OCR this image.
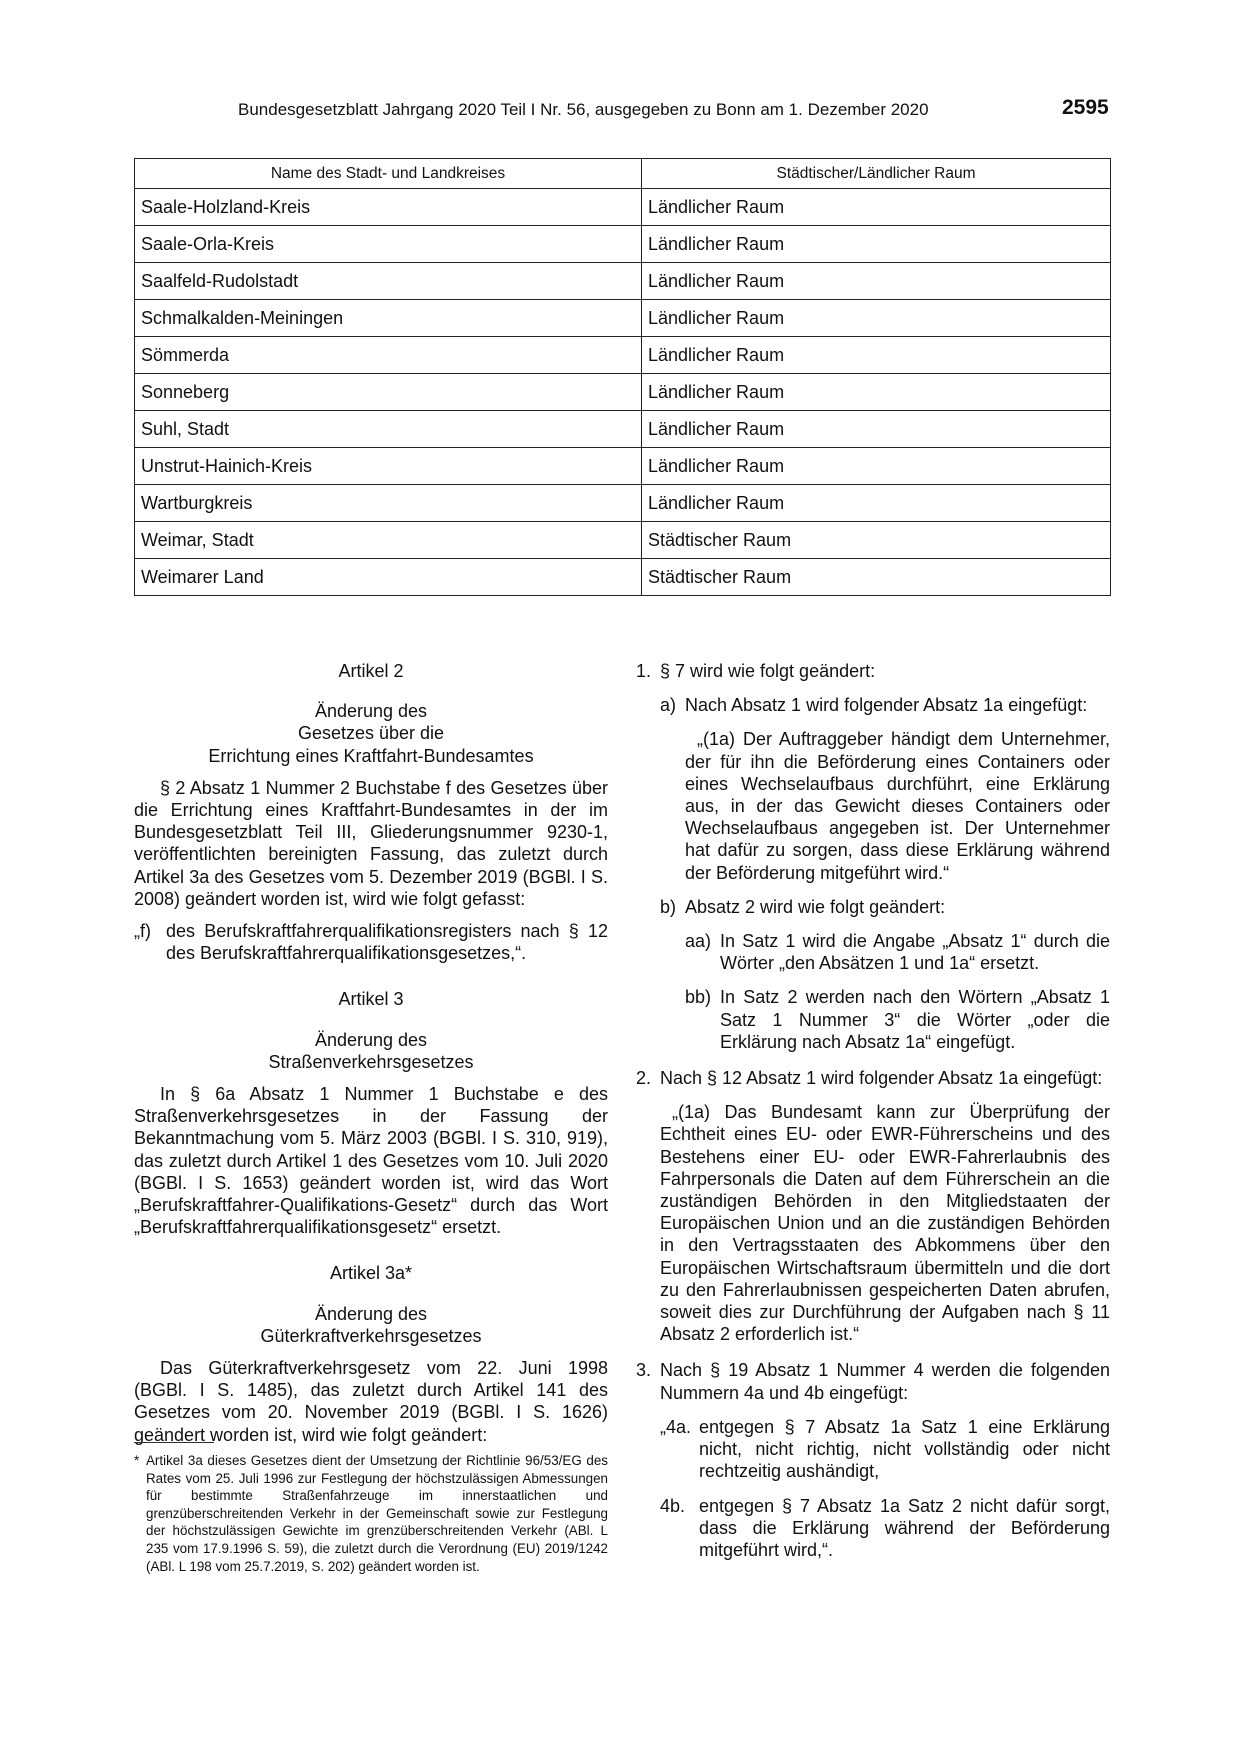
Bundesgesetzblatt Jahrgang 2020 Teil I Nr. 56, ausgegeben zu Bonn am 1. Dezember 2020	2595
Name des Stadt- und Landkreises	Städtischer/Ländlicher Raum
Saale-Holzland-Kreis	Ländlicher Raum
Saale-Orla-Kreis	Ländlicher Raum
Saalfeld-Rudolstadt	Ländlicher Raum
Schmalkalden-Meiningen	Ländlicher Raum
Sömmerda	Ländlicher Raum
Sonneberg	Ländlicher Raum
Suhl, Stadt	Ländlicher Raum
Unstrut-Hainich-Kreis	Ländlicher Raum
Wartburgkreis	Ländlicher Raum
Weimar, Stadt	Städtischer Raum
Weimarer Land	Städtischer Raum
Artikel 2
Änderung des
Gesetzes über die
Errichtung eines Kraftfahrt-Bundesamtes

§ 2 Absatz 1 Nummer 2 Buchstabe f des Gesetzes über die Errichtung eines Kraftfahrt-Bundesamtes in der im Bundesgesetzblatt Teil III, Gliederungsnummer 9230-1, veröffentlichten bereinigten Fassung, das zuletzt durch Artikel 3a des Gesetzes vom 5. Dezember 2019 (BGBl. I S. 2008) geändert worden ist, wird wie folgt gefasst:

„f) des Berufskraftfahrerqualifikationsregisters nach § 12 des Berufskraftfahrerqualifikationsgesetzes,“.
Artikel 3
Änderung des
Straßenverkehrsgesetzes

In § 6a Absatz 1 Nummer 1 Buchstabe e des Straßenverkehrsgesetzes in der Fassung der Bekanntmachung vom 5. März 2003 (BGBl. I S. 310, 919), das zuletzt durch Artikel 1 des Gesetzes vom 10. Juli 2020 (BGBl. I S. 1653) geändert worden ist, wird das Wort „Berufskraftfahrer-Qualifikations-Gesetz“ durch das Wort „Berufskraftfahrerqualifikationsgesetz“ ersetzt.

Artikel 3a*
Änderung des
Güterkraftverkehrsgesetzes

Das Güterkraftverkehrsgesetz vom 22. Juni 1998 (BGBl. I S. 1485), das zuletzt durch Artikel 141 des Gesetzes vom 20. November 2019 (BGBl. I S. 1626) geändert worden ist, wird wie folgt geändert:

* Artikel 3a dieses Gesetzes dient der Umsetzung der Richtlinie 96/53/EG des Rates vom 25. Juli 1996 zur Festlegung der höchstzulässigen Abmessungen für bestimmte Straßenfahrzeuge im innerstaatlichen und grenzüberschreitenden Verkehr in der Gemeinschaft sowie zur Festlegung der höchstzulässigen Gewichte im grenzüberschreitenden Verkehr (ABl. L 235 vom 17.9.1996 S. 59), die zuletzt durch die Verordnung (EU) 2019/1242 (ABl. L 198 vom 25.7.2019, S. 202) geändert worden ist.
1. § 7 wird wie folgt geändert:
a) Nach Absatz 1 wird folgender Absatz 1a eingefügt:

„(1a) Der Auftraggeber händigt dem Unternehmer, der für ihn die Beförderung eines Containers oder eines Wechselaufbaus durchführt, eine Erklärung aus, in der das Gewicht dieses Containers oder Wechselaufbaus angegeben ist. Der Unternehmer hat dafür zu sorgen, dass diese Erklärung während der Beförderung mitgeführt wird.“

b) Absatz 2 wird wie folgt geändert:
aa) In Satz 1 wird die Angabe „Absatz 1“ durch die Wörter „den Absätzen 1 und 1a“ ersetzt.
bb) In Satz 2 werden nach den Wörtern „Absatz 1 Satz 1 Nummer 3“ die Wörter „oder die Erklärung nach Absatz 1a“ eingefügt.
2. Nach § 12 Absatz 1 wird folgender Absatz 1a eingefügt:

„(1a) Das Bundesamt kann zur Überprüfung der Echtheit eines EU- oder EWR-Führerscheins und des Bestehens einer EU- oder EWR-Fahrerlaubnis des Fahrpersonals die Daten auf dem Führerschein an die zuständigen Behörden in den Mitgliedstaaten der Europäischen Union und an die zuständigen Behörden in den Vertragsstaaten des Abkommens über den Europäischen Wirtschaftsraum übermitteln und die dort zu den Fahrerlaubnissen gespeicherten Daten abrufen, soweit dies zur Durchführung der Aufgaben nach § 11 Absatz 2 erforderlich ist.“

3. Nach § 19 Absatz 1 Nummer 4 werden die folgenden Nummern 4a und 4b eingefügt:
„4a. entgegen § 7 Absatz 1a Satz 1 eine Erklärung nicht, nicht richtig, nicht vollständig oder nicht rechtzeitig aushändigt,
4b. entgegen § 7 Absatz 1a Satz 2 nicht dafür sorgt, dass die Erklärung während der Beförderung mitgeführt wird,“.
